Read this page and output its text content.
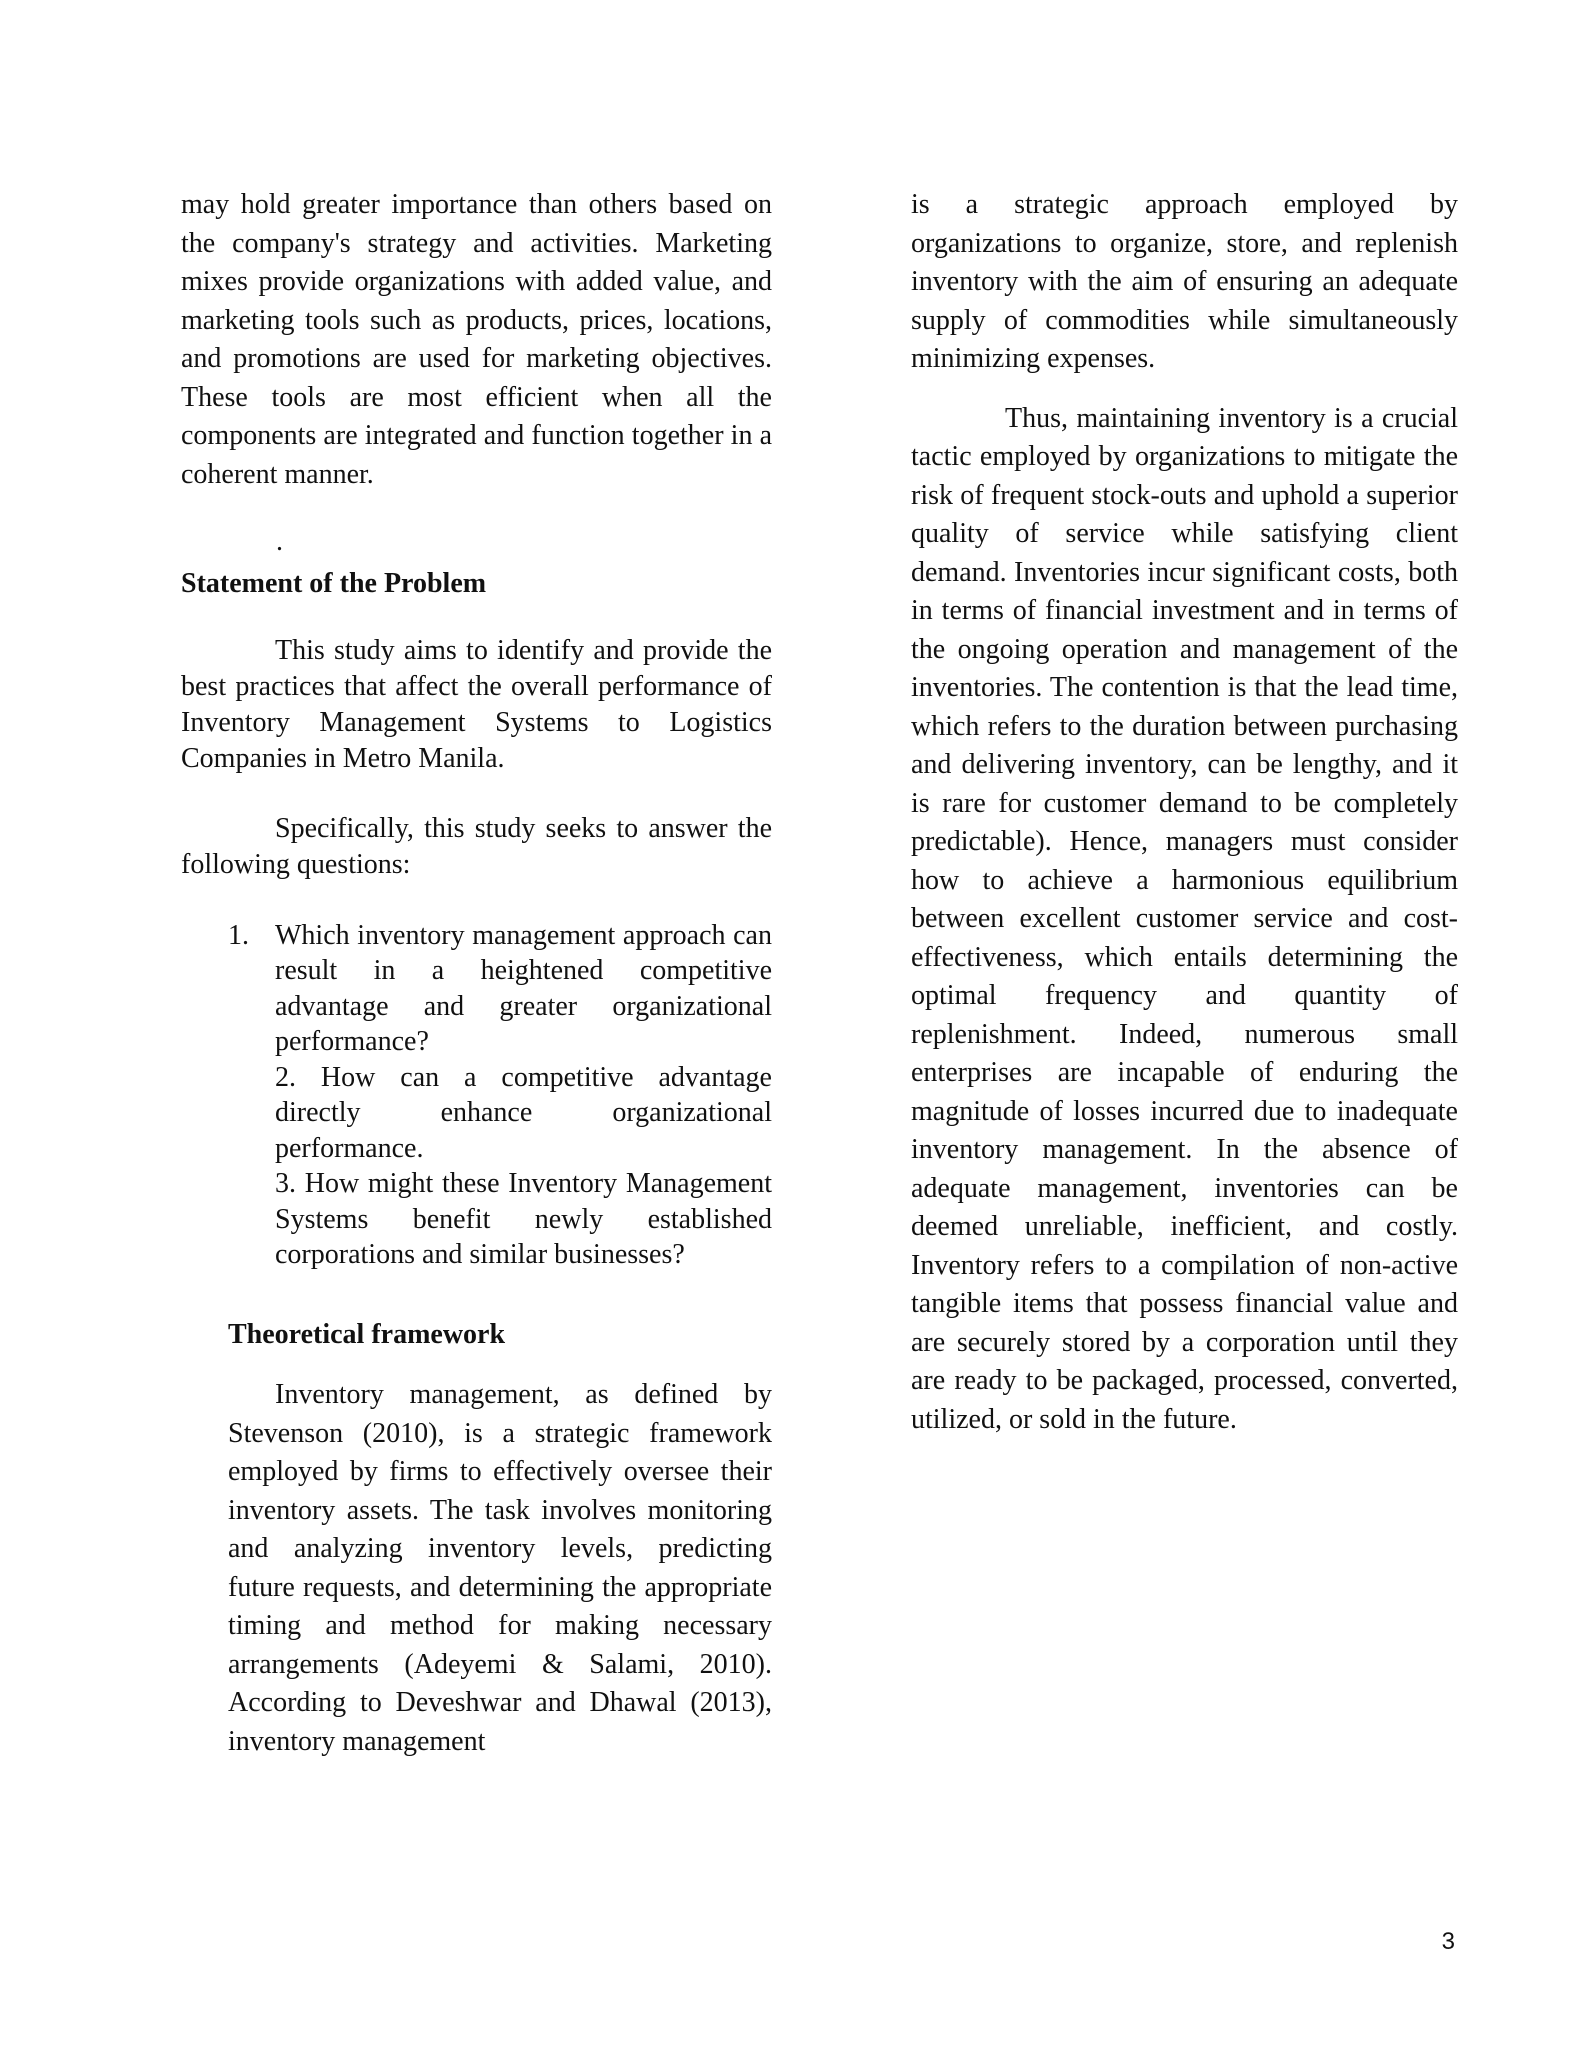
may hold greater importance than others based on the company's strategy and activities. Marketing mixes provide organizations with added value, and marketing tools such as products, prices, locations, and promotions are used for marketing objectives. These tools are most efficient when all the components are integrated and function together in a coherent manner.

.

Statement of the Problem

This study aims to identify and provide the best practices that affect the overall performance of Inventory Management Systems to Logistics Companies in Metro Manila.

Specifically, this study seeks to answer the following questions:

1. Which inventory management approach can result in a heightened competitive advantage and greater organizational performance?
2. How can a competitive advantage directly enhance organizational performance.
3. How might these Inventory Management Systems benefit newly established corporations and similar businesses?

Theoretical framework

Inventory management, as defined by Stevenson (2010), is a strategic framework employed by firms to effectively oversee their inventory assets. The task involves monitoring and analyzing inventory levels, predicting future requests, and determining the appropriate timing and method for making necessary arrangements (Adeyemi & Salami, 2010). According to Deveshwar and Dhawal (2013), inventory management

is a strategic approach employed by organizations to organize, store, and replenish inventory with the aim of ensuring an adequate supply of commodities while simultaneously minimizing expenses.

Thus, maintaining inventory is a crucial tactic employed by organizations to mitigate the risk of frequent stock-outs and uphold a superior quality of service while satisfying client demand. Inventories incur significant costs, both in terms of financial investment and in terms of the ongoing operation and management of the inventories. The contention is that the lead time, which refers to the duration between purchasing and delivering inventory, can be lengthy, and it is rare for customer demand to be completely predictable). Hence, managers must consider how to achieve a harmonious equilibrium between excellent customer service and cost-effectiveness, which entails determining the optimal frequency and quantity of replenishment. Indeed, numerous small enterprises are incapable of enduring the magnitude of losses incurred due to inadequate inventory management. In the absence of adequate management, inventories can be deemed unreliable, inefficient, and costly. Inventory refers to a compilation of non-active tangible items that possess financial value and are securely stored by a corporation until they are ready to be packaged, processed, converted, utilized, or sold in the future.

3
